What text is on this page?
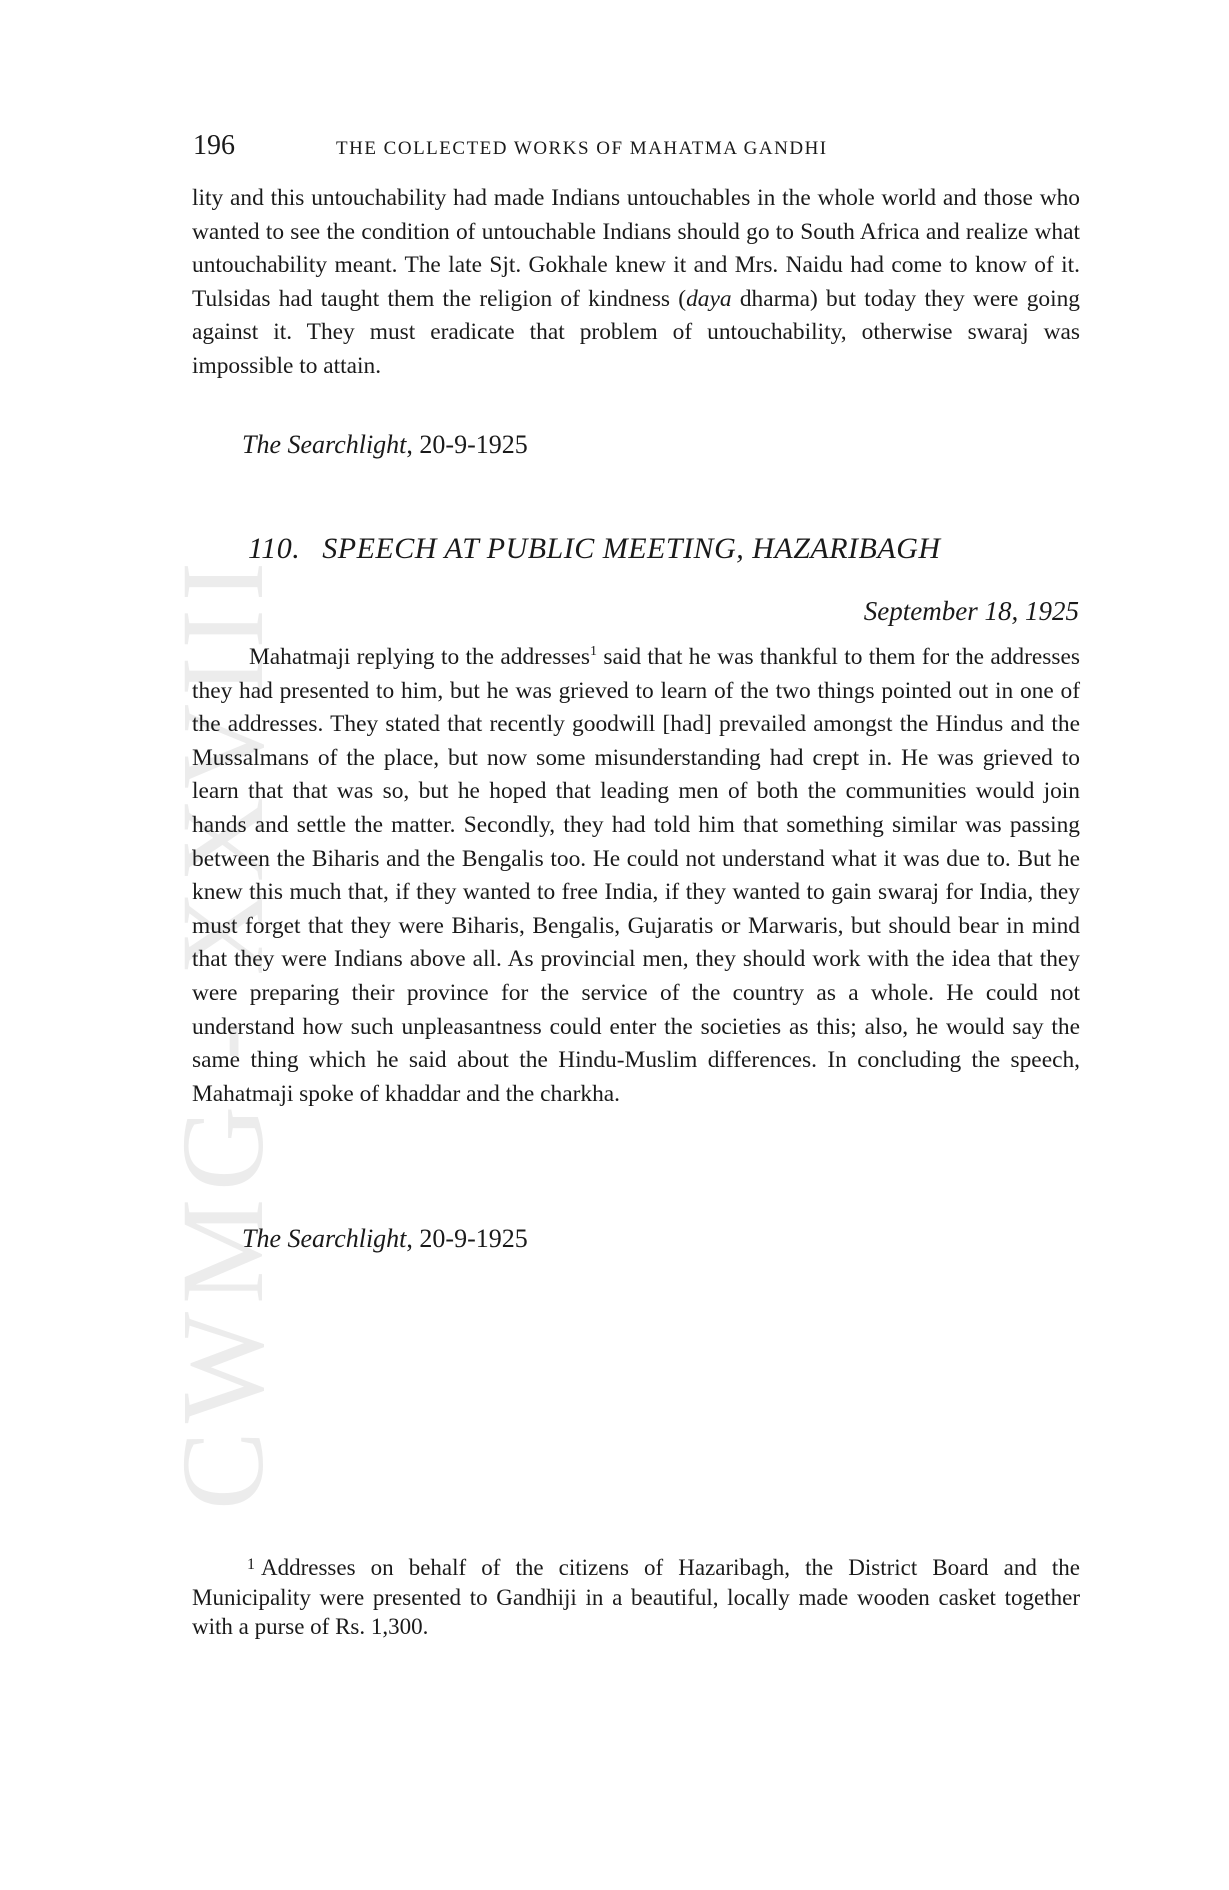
CWMG - XXVIII
196	THE COLLECTED WORKS OF MAHATMA GANDHI

lity and this untouchability had made Indians untouchables in the whole world and those who wanted to see the condition of untouchable Indians should go to South Africa and realize what untouchability meant. The late Sjt. Gokhale knew it and Mrs. Naidu had come to know of it. Tulsidas had taught them the religion of kindness (daya dharma) but today they were going against it. They must eradicate that problem of untouchability, otherwise swaraj was impossible to attain.

The Searchlight, 20-9-1925
110. SPEECH AT PUBLIC MEETING, HAZARIBAGH
September 18, 1925

Mahatmaji replying to the addresses$^1$ said that he was thankful to them for the addresses they had presented to him, but he was grieved to learn of the two things pointed out in one of the addresses. They stated that recently goodwill [had] prevailed amongst the Hindus and the Mussalmans of the place, but now some misunderstanding had crept in. He was grieved to learn that that was so, but he hoped that leading men of both the communities would join hands and settle the matter. Secondly, they had told him that something similar was passing between the Biharis and the Bengalis too. He could not understand what it was due to. But he knew this much that, if they wanted to free India, if they wanted to gain swaraj for India, they must forget that they were Biharis, Bengalis, Gujaratis or Marwaris, but should bear in mind that they were Indians above all. As provincial men, they should work with the idea that they were preparing their province for the service of the country as a whole. He could not understand how such unpleasantness could enter the societies as this; also, he would say the same thing which he said about the Hindu-Muslim differences. In concluding the speech, Mahatmaji spoke of khaddar and the charkha.

The Searchlight, 20-9-1925

$^1$ Addresses on behalf of the citizens of Hazaribagh, the District Board and the Municipality were presented to Gandhiji in a beautiful, locally made wooden casket together with a purse of Rs. 1,300.
